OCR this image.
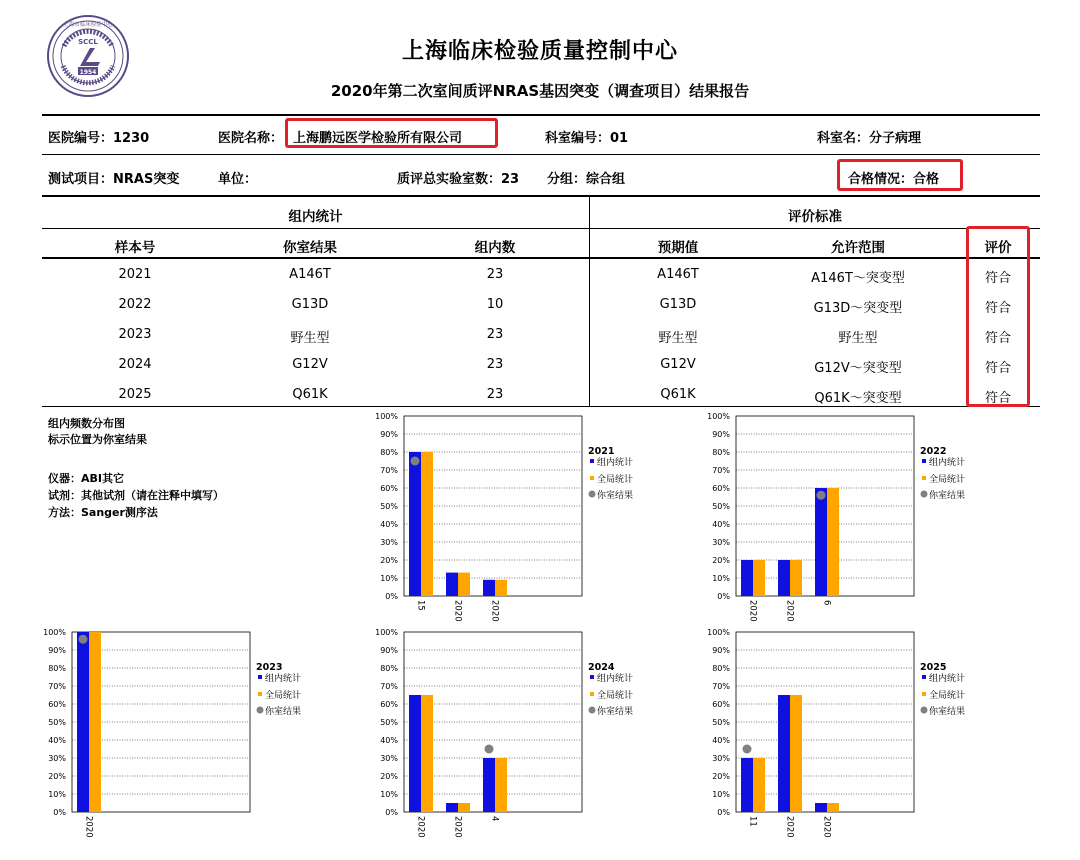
SCCL
1954
上海市临床检验中心
上海临床检验质量控制中心
2020年第二次室间质评NRAS基因突变（调查项目）结果报告
医院编号：1230	医院名称： 上海鹏远医学检验所有限公司	科室编号：01	科室名：分子病理
测试项目：NRAS突变	单位：	质评总实验室数：23 分组：综合组	合格情况：合格
组内统计	评价标准
样本号	你室结果	组内数	预期值	允许范围	评价
2021	A146T	23	A146T	A146T～突变型	符合
2022	G13D	10	G13D	G13D～突变型	符合
2023	野生型	23	野生型	野生型	符合
2024	G12V	23	G12V	G12V～突变型	符合
2025	Q61K	23	Q61K	Q61K～突变型	符合
组内频数分布图
标示位置为你室结果
仪器：ABI其它
试剂：其他试剂（请在注释中填写）
方法：Sanger测序法
0%
10%
20%
30%
40%
50%
60%
70%
80%
90%
100%
15	2020	2020
2021
组内统计
全局统计
你室结果
0%
10%
20%
30%
40%
50%
60%
70%
80%
90%
100%
2020	2020	6
2022
组内统计
全局统计
你室结果
0%
10%
20%
30%
40%
50%
60%
70%
80%
90%
100%
2020
2023
组内统计
全局统计
你室结果
0%
10%
20%
30%
40%
50%
60%
70%
80%
90%
100%
2020	2020	4
2024
组内统计
全局统计
你室结果
0%
10%
20%
30%
40%
50%
60%
70%
80%
90%
100%
11	2020	2020
2025
组内统计
全局统计
你室结果
